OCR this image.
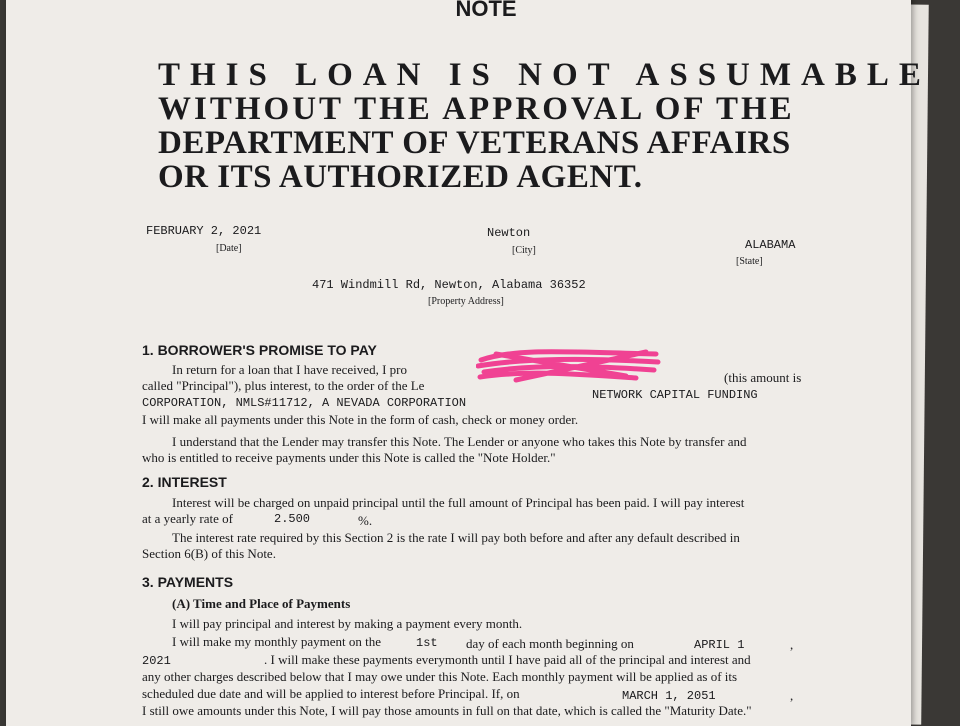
NOTE
THIS LOAN IS NOT ASSUMABLE
WITHOUT THE APPROVAL OF THE
DEPARTMENT OF VETERANS AFFAIRS
OR ITS AUTHORIZED AGENT.
FEBRUARY 2, 2021
[Date]
Newton
[City]	ALABAMA
[State]
471 Windmill Rd, Newton, Alabama 36352
[Property Address]
1. BORROWER'S PROMISE TO PAY
In return for a loan that I have received, I pro
(this amount is
called "Principal"), plus interest, to the order of the Le
NETWORK CAPITAL FUNDING
CORPORATION, NMLS#11712, A NEVADA CORPORATION
I will make all payments under this Note in the form of cash, check or money order.
I understand that the Lender may transfer this Note. The Lender or anyone who takes this Note by transfer and
who is entitled to receive payments under this Note is called the "Note Holder."
2. INTEREST
Interest will be charged on unpaid principal until the full amount of Principal has been paid. I will pay interest
at a yearly rate of	2.500	%.
The interest rate required by this Section 2 is the rate I will pay both before and after any default described in
Section 6(B) of this Note.
3. PAYMENTS
(A) Time and Place of Payments
I will pay principal and interest by making a payment every month.
I will make my monthly payment on the	1st day of each month beginning on	APRIL 1	,
2021	. I will make these payments everymonth until I have paid all of the principal and interest and
any other charges described below that I may owe under this Note. Each monthly payment will be applied as of its
scheduled due date and will be applied to interest before Principal. If, on	MARCH 1, 2051	,
I still owe amounts under this Note, I will pay those amounts in full on that date, which is called the "Maturity Date."
